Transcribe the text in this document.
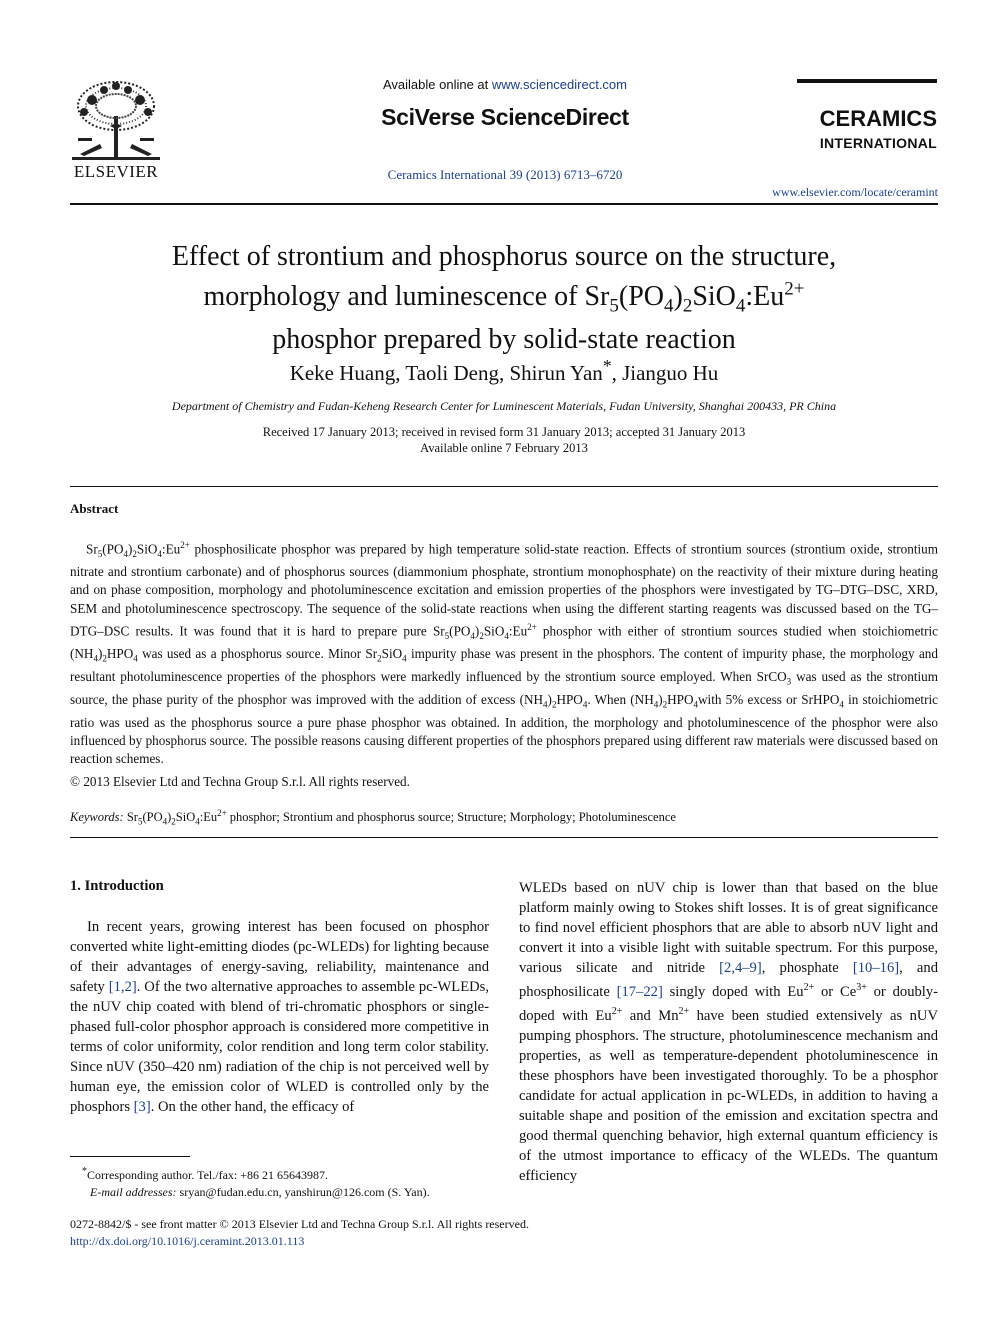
ELSEVIER
Available online at www.sciencedirect.com
SciVerse ScienceDirect
Ceramics International 39 (2013) 6713–6720
CERAMICS
INTERNATIONAL
www.elsevier.com/locate/ceramint
Effect of strontium and phosphorus source on the structure,
morphology and luminescence of $Sr_5(PO_4)_2SiO_4:Eu^{2+}$
phosphor prepared by solid-state reaction
Keke Huang, Taoli Deng, Shirun Yan*, Jianguo Hu
Department of Chemistry and Fudan-Keheng Research Center for Luminescent Materials, Fudan University, Shanghai 200433, PR China
Received 17 January 2013; received in revised form 31 January 2013; accepted 31 January 2013
Available online 7 February 2013
Abstract
$Sr_5(PO_4)_2SiO_4:Eu^{2+}$ phosphosilicate phosphor was prepared by high temperature solid-state reaction. Effects of strontium sources (strontium oxide, strontium nitrate and strontium carbonate) and of phosphorus sources (diammonium phosphate, strontium monophosphate) on the reactivity of their mixture during heating and on phase composition, morphology and photoluminescence excitation and emission properties of the phosphors were investigated by TG–DTG–DSC, XRD, SEM and photoluminescence spectroscopy. The sequence of the solid-state reactions when using the different starting reagents was discussed based on the TG–DTG–DSC results. It was found that it is hard to prepare pure $Sr_5(PO_4)_2SiO_4:Eu^{2+}$ phosphor with either of strontium sources studied when stoichiometric $(NH_4)_2HPO_4$ was used as a phosphorus source. Minor $Sr_2SiO_4$ impurity phase was present in the phosphors. The content of impurity phase, the morphology and resultant photoluminescence properties of the phosphors were markedly influenced by the strontium source employed. When SrCO$_3$ was used as the strontium source, the phase purity of the phosphor was improved with the addition of excess $(NH_4)_2HPO_4$. When $(NH_4)_2HPO_4with$ 5% excess or SrHPO$_4$ in stoichiometric ratio was used as the phosphorus source a pure phase phosphor was obtained. In addition, the morphology and photoluminescence of the phosphor were also influenced by phosphorus source. The possible reasons causing different properties of the phosphors prepared using different raw materials were discussed based on reaction schemes.
© 2013 Elsevier Ltd and Techna Group S.r.l. All rights reserved.
Keywords: $Sr_5(PO_4)_2SiO_4:Eu^{2+}$ phosphor; Strontium and phosphorus source; Structure; Morphology; Photoluminescence
1. Introduction
In recent years, growing interest has been focused on phosphor converted white light-emitting diodes (pc-WLEDs) for lighting because of their advantages of energy-saving, reliability, maintenance and safety [1,2]. Of the two alternative approaches to assemble pc-WLEDs, the nUV chip coated with blend of tri-chromatic phosphors or single-phased full-color phosphor approach is considered more competitive in terms of color uniformity, color rendition and long term color stability. Since nUV (350–420 nm) radiation of the chip is not perceived well by human eye, the emission color of WLED is controlled only by the phosphors [3]. On the other hand, the efficacy of
WLEDs based on nUV chip is lower than that based on the blue platform mainly owing to Stokes shift losses. It is of great significance to find novel efficient phosphors that are able to absorb nUV light and convert it into a visible light with suitable spectrum. For this purpose, various silicate and nitride [2,4–9], phosphate [10–16], and phosphosilicate [17–22] singly doped with $Eu^{2+}$ or $Ce^{3+}$ or doubly-doped with $Eu^{2+}$ and $Mn^{2+}$ have been studied extensively as nUV pumping phosphors. The structure, photoluminescence mechanism and properties, as well as temperature-dependent photoluminescence in these phosphors have been investigated thoroughly. To be a phosphor candidate for actual application in pc-WLEDs, in addition to having a suitable shape and position of the emission and excitation spectra and good thermal quenching behavior, high external quantum efficiency is of the utmost importance to efficacy of the WLEDs. The quantum efficiency
*Corresponding author. Tel./fax: +86 21 65643987.
E-mail addresses: sryan@fudan.edu.cn, yanshirun@126.com (S. Yan).
0272-8842/$ - see front matter © 2013 Elsevier Ltd and Techna Group S.r.l. All rights reserved.
http://dx.doi.org/10.1016/j.ceramint.2013.01.113
